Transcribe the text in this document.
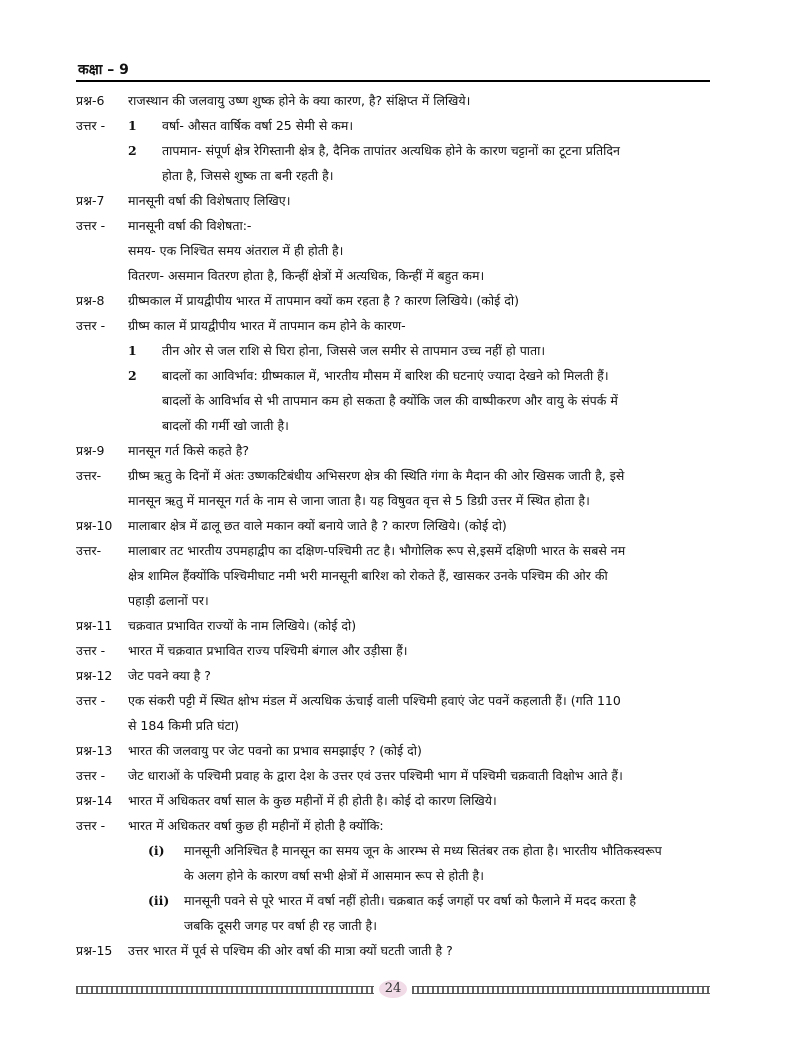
कक्षा – 9
प्रश्न-6	राजस्थान की जलवायु उष्ण शुष्क होने के क्या कारण, है? संक्षिप्त में लिखिये।
उत्तर -	1	वर्षा- औसत वार्षिक वर्षा 25 सेमी से कम।
2	तापमान- संपूर्ण क्षेत्र रेगिस्तानी क्षेत्र है, दैनिक तापांतर अत्यधिक होने के कारण चट्टानों का टूटना प्रतिदिन
होता है, जिससे शुष्क ता बनी रहती है।
प्रश्न-7	मानसूनी वर्षा की विशेषताए लिखिए।
उत्तर -	मानसूनी वर्षा की विशेषता:-
समय- एक निश्चित समय अंतराल में ही होती है।
वितरण- असमान वितरण होता है, किन्हीं क्षेत्रों में अत्यधिक, किन्हीं में बहुत कम।
प्रश्न-8	ग्रीष्मकाल में प्रायद्वीपीय भारत में तापमान क्यों कम रहता है ? कारण लिखिये। (कोई दो)
उत्तर -	ग्रीष्म काल में प्रायद्वीपीय भारत में तापमान कम होने के कारण-
1	तीन ओर से जल राशि से घिरा होना, जिससे जल समीर से तापमान उच्च नहीं हो पाता।
2	बादलों का आविर्भाव: ग्रीष्मकाल में, भारतीय मौसम में बारिश की घटनाएं ज्यादा देखने को मिलती हैं।
बादलों के आविर्भाव से भी तापमान कम हो सकता है क्योंकि जल की वाष्पीकरण और वायु के संपर्क में
बादलों की गर्मी खो जाती है।
प्रश्न-9	मानसून गर्त किसे कहते है?
उत्तर-	ग्रीष्म ऋतु के दिनों में अंतः उष्णकटिबंधीय अभिसरण क्षेत्र की स्थिति गंगा के मैदान की ओर खिसक जाती है, इसे
मानसून ऋतु में मानसून गर्त के नाम से जाना जाता है। यह विषुवत वृत्त से 5 डिग्री उत्तर में स्थित होता है।
प्रश्न-10	मालाबार क्षेत्र में ढालू छत वाले मकान क्यों बनाये जाते है ? कारण लिखिये। (कोई दो)
उत्तर-	मालाबार तट भारतीय उपमहाद्वीप का दक्षिण-पश्चिमी तट है। भौगोलिक रूप से,इसमें दक्षिणी भारत के सबसे नम
क्षेत्र शामिल हैंक्योंकि पश्चिमीघाट नमी भरी मानसूनी बारिश को रोकते हैं, खासकर उनके पश्चिम की ओर की
पहाड़ी ढलानों पर।
प्रश्न-11	चक्रवात प्रभावित राज्यों के नाम लिखिये। (कोई दो)
उत्तर -	भारत में चक्रवात प्रभावित राज्य पश्चिमी बंगाल और उड़ीसा हैं।
प्रश्न-12	जेट पवने क्या है ?
उत्तर -	एक संकरी पट्टी में स्थित क्षोभ मंडल में अत्यधिक ऊंचाई वाली पश्चिमी हवाएं जेट पवनें कहलाती हैं। (गति 110
से 184 किमी प्रति घंटा)
प्रश्न-13	भारत की जलवायु पर जेट पवनो का प्रभाव समझाईए ? (कोई दो)
उत्तर -	जेट धाराओं के पश्चिमी प्रवाह के द्वारा देश के उत्तर एवं उत्तर पश्चिमी भाग में पश्चिमी चक्रवाती विक्षोभ आते हैं।
प्रश्न-14	भारत में अधिकतर वर्षा साल के कुछ महीनों में ही होती है। कोई दो कारण लिखिये।
उत्तर -	भारत में अधिकतर वर्षा कुछ ही महीनों में होती है क्योंकि:
(i)	मानसूनी अनिश्चित है मानसून का समय जून के आरम्भ से मध्य सितंबर तक होता है। भारतीय भौतिकस्वरूप
के अलग होने के कारण वर्षा सभी क्षेत्रों में आसमान रूप से होती है।
(ii)	मानसूनी पवने से पूरे भारत में वर्षा नहीं होती। चक्रबात कई जगहों पर वर्षा को फैलाने में मदद करता है
जबकि दूसरी जगह पर वर्षा ही रह जाती है।
प्रश्न-15	उत्तर भारत में पूर्व से पश्चिम की ओर वर्षा की मात्रा क्यों घटती जाती है ?
24
